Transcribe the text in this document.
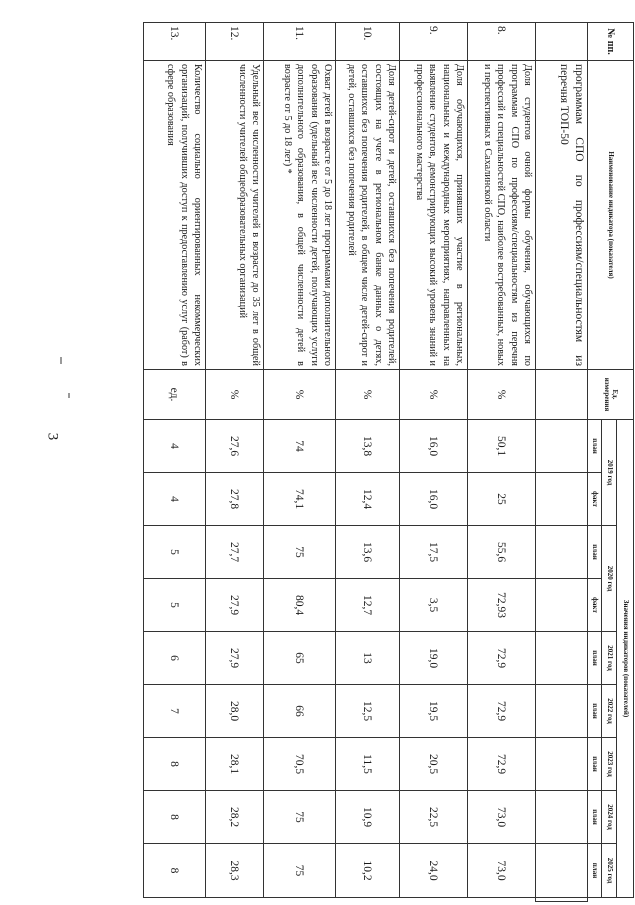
3
№ пп.	Наименование индикатора (показателя)	Ед. измерения	Значения индикаторов (показателей)									
			2019 год		2020 год		2021 год	2022 год	2023 год	2024 год	2025 год	
			план	факт	план	факт	план	план	план	план	план	
	программам СПО по профессиям/специальностям из перечня ТОП-50											
8.	Доля студентов очной формы обучения, обучающихся по программам СПО по профессиям/специальностям из перечня профессий и специальностей СПО, наиболее востребованных, новых и перспективных в Сахалинской области	%	50,1	25	55,6	72,93	72,9	72,9	72,9	73,0	73,0	
9.	Доля обучающихся, принявших участие в региональных, национальных и международных мероприятиях, направленных на выявление студентов, демонстрирующих высокий уровень знаний и профессионального мастерства	%	16,0	16,0	17,5	3,5	19,0	19,5	20,5	22,5	24,0	
10.	Доля детей-сирот и детей, оставшихся без попечения родителей, состоящих на учете в региональном банке данных о детях, оставшихся без попечения родителей, в общем числе детей-сирот и детей, оставшихся без попечения родителей	%	13,8	12,4	13,6	12,7	13	12,5	11,5	10,9	10,2	
11.	Охват детей в возрасте от 5 до 18 лет программами дополнительного образования (удельный вес численности детей, получающих услуги дополнительного образования, в общей численности детей в возрасте от 5 до 18 лет) *	%	74	74,1	75	80,4	65	66	70,5	75	75	
12.	Удельный вес численности учителей в возрасте до 35 лет в общей численности учителей общеобразовательных организаций	%	27,6	27,8	27,7	27,9	27,9	28,0	28,1	28,2	28,3	
13.	Количество социально ориентированных некоммерческих организаций, получивших доступ к предоставлению услуг (работ) в сфере образования	ед.	4	4	5	5	6	7	8	8	8	
